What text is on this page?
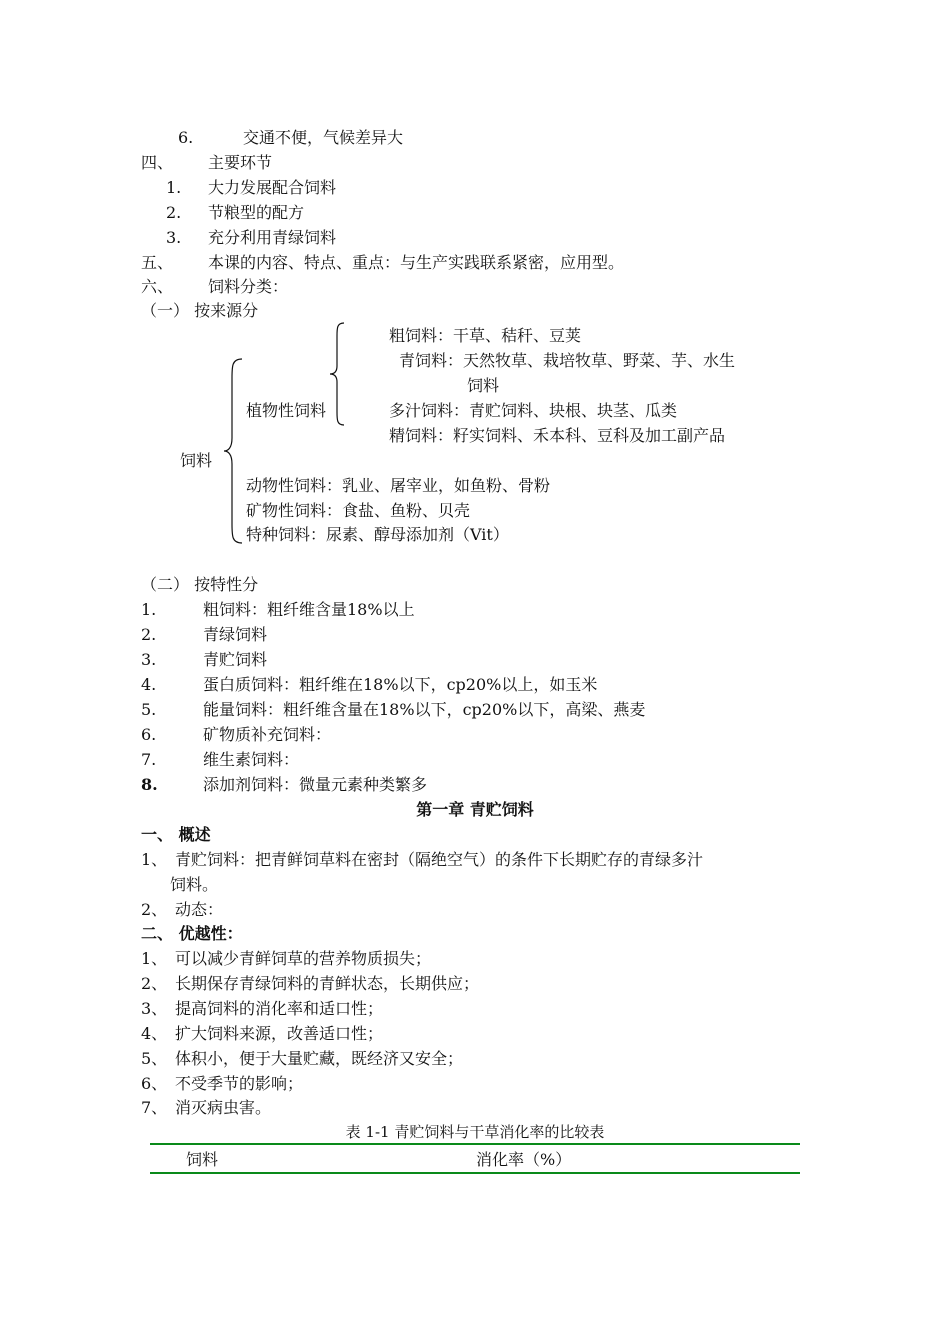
6.	交通不便，气候差异大
四、 主要环节
1. 大力发展配合饲料
2. 节粮型的配方
3. 充分利用青绿饲料
五、 本课的内容、特点、重点：与生产实践联系紧密，应用型。
六、 饲料分类：
（一） 按来源分
粗饲料：干草、秸秆、豆荚
青饲料：天然牧草、栽培牧草、野菜、芋、水生
饲料
植物性饲料	多汁饲料：青贮饲料、块根、块茎、瓜类
精饲料：籽实饲料、禾本科、豆科及加工副产品
饲料
动物性饲料：乳业、屠宰业，如鱼粉、骨粉
矿物性饲料：食盐、鱼粉、贝壳
特种饲料：尿素、醇母添加剂（Vit）
（二） 按特性分
1.	粗饲料：粗纤维含量18%以上
2.	青绿饲料
3.	青贮饲料
4.	蛋白质饲料：粗纤维在18%以下，cp20%以上，如玉米
5.	能量饲料：粗纤维含量在18%以下，cp20%以下，高梁、燕麦
6.	矿物质补充饲料：
7.	维生素饲料：
8.	添加剂饲料：微量元素种类繁多
第一章 青贮饲料
一、 概述
1、 青贮饲料：把青鲜饲草料在密封（隔绝空气）的条件下长期贮存的青绿多汁
饲料。
2、 动态：
二、 优越性：
1、 可以减少青鲜饲草的营养物质损失；
2、 长期保存青绿饲料的青鲜状态，长期供应；
3、 提高饲料的消化率和适口性；
4、 扩大饲料来源，改善适口性；
5、 体积小，便于大量贮藏，既经济又安全；
6、 不受季节的影响；
7、 消灭病虫害。
表 1-1 青贮饲料与干草消化率的比较表
饲料	消化率（%）
